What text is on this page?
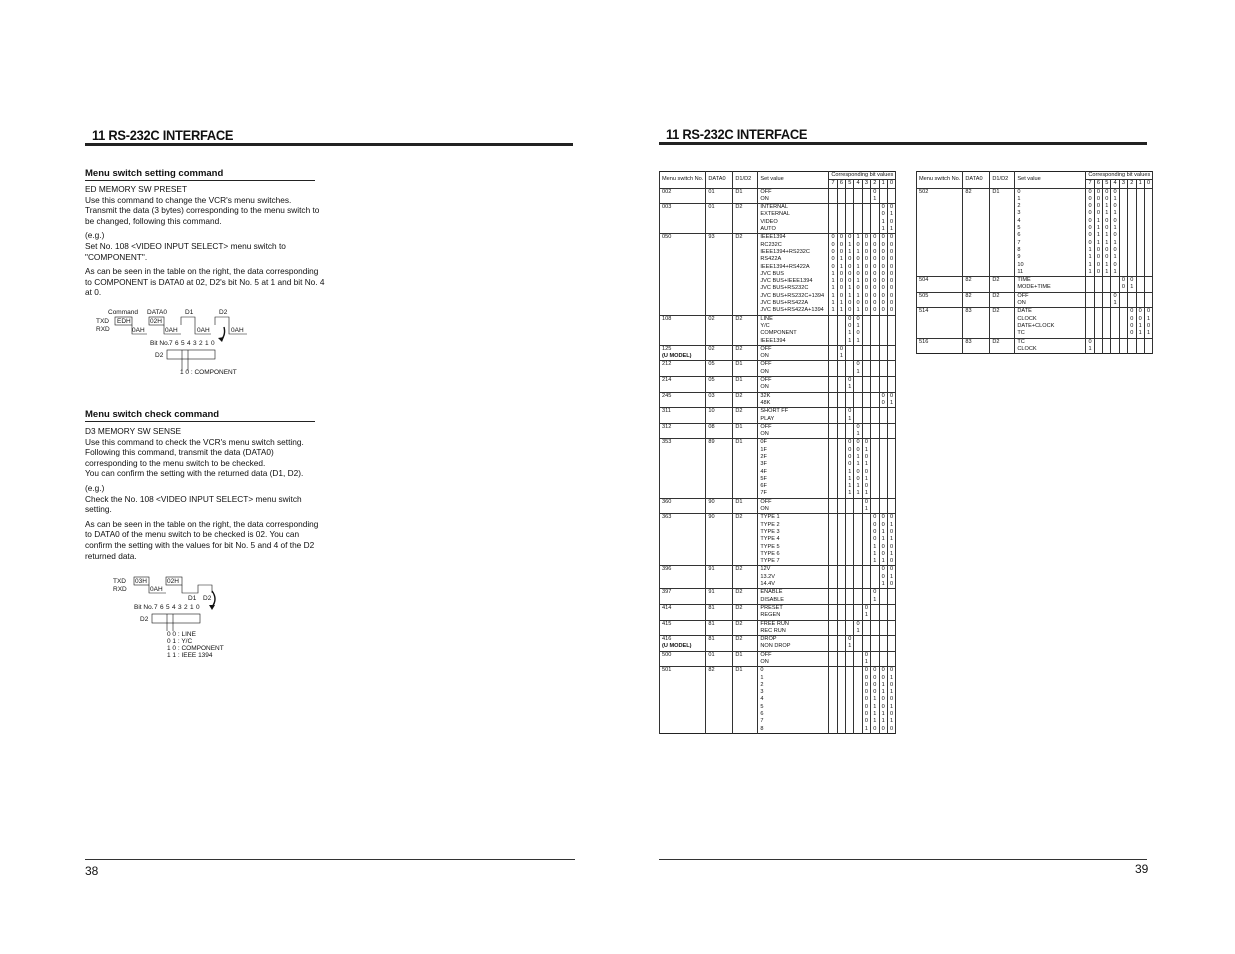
11 RS-232C INTERFACE
Menu switch setting command

ED MEMORY SW PRESET

Use this command to change the VCR's menu switches. Transmit the data (3 bytes) corresponding to the menu switch to be changed, following this command.

(e.g.)

Set No. 108 <VIDEO INPUT SELECT> menu switch to "COMPONENT".

As can be seen in the table on the right, the data corresponding to COMPONENT is DATA0 at 02, D2's bit No. 5 at 1 and bit No. 4 at 0.

Command DATA0	D1	D2
TXD
RXD
EDH	02H
0AH	0AH	0AH	0AH
Bit No. 7 6 5 4 3 2 1 0
D2
1 0 : COMPONENT
Menu switch check command

D3 MEMORY SW SENSE

Use this command to check the VCR's menu switch setting. Following this command, transmit the data (DATA0) corresponding to the menu switch to be checked.

You can confirm the setting with the returned data (D1, D2).

(e.g.)

Check the No. 108 <VIDEO INPUT SELECT> menu switch setting.

As can be seen in the table on the right, the data corresponding to DATA0 of the menu switch to be checked is 02. You can confirm the setting with the values for bit No. 5 and 4 of the D2 returned data.

TXD
RXD
03H	02H
0AH
D1 D2
Bit No. 7 6 5 4 3 2 1 0
D2
0 0 : LINE
0 1 : Y/C
1 0 : COMPONENT
1 1 : IEEE 1394
38
11 RS-232C INTERFACE
Menu switch No.	DATA0	D1/D2	Set value	Corresponding bit values							
				7	6	5	4	3	2	1	0

002	01	D1	OFF						0		
			ON						1		

003	01	D2	INTERNAL							0	0
			EXTERNAL							0	1
			VIDEO							1	0
			AUTO							1	1

050	93	D2	IEEE1394	0	0	0	1	0	0	0	0
			RC232C	0	0	1	0	0	0	0	0
			IEEE1394+RS232C	0	0	1	1	0	0	0	0
			RS422A	0	1	0	0	0	0	0	0
			IEEE1394+RS422A	0	1	0	1	0	0	0	0
			JVC BUS	1	0	0	0	0	0	0	0
			JVC BUS+IEEE1394	1	0	0	1	0	0	0	0
			JVC BUS+RS232C	1	0	1	0	0	0	0	0
			JVC BUS+RS232C+1394	1	0	1	1	0	0	0	0
			JVC BUS+RS422A	1	1	0	0	0	0	0	0
			JVC BUS+RS422A+1394	1	1	0	1	0	0	0	0

108	02	D2	LINE			0	0				
			Y/C			0	1				
			COMPONENT			1	0				
			IEEE1394			1	1				

125
(U MODEL)	02	D2	OFF		0						
			ON		1						

212	05	D1	OFF				0				
			ON				1				

214	05	D1	OFF			0					
			ON			1					

245	03	D2	32K							0	0
			48K							0	1

311	10	D2	SHORT FF			0					
			PLAY			1					

312	08	D1	OFF				0				
			ON				1				

353	89	D1	0F			0	0	0			
			1F			0	0	1			
			2F			0	1	0			
			3F			0	1	1			
			4F			1	0	0			
			5F			1	0	1			
			6F			1	1	0			
			7F			1	1	1			

360	90	D1	OFF					0			
			ON					1			

363	90	D2	TYPE 1						0	0	0
			TYPE 2						0	0	1
			TYPE 3						0	1	0
			TYPE 4						0	1	1
			TYPE 5						1	0	0
			TYPE 6						1	0	1
			TYPE 7						1	1	0

396	91	D2	12V							0	0
			13.2V							0	1
			14.4V							1	0

397	91	D2	ENABLE						0		
			DISABLE						1		

414	81	D2	PRESET					0			
			REGEN					1			

415	81	D2	FREE RUN				0				
			REC RUN				1				

416
(U MODEL)	81	D2	DROP			0					
			NON DROP			1					

500	01	D1	OFF					0			
			ON					1			

501	82	D1	0					0	0	0	0
			1					0	0	0	1
			2					0	0	1	0
			3					0	0	1	1
			4					0	1	0	0
			5					0	1	0	1
			6					0	1	1	0
			7					0	1	1	1
			8					1	0	0	0
Menu switch No.	DATA0	D1/D2	Set value	Corresponding bit values							
				7	6	5	4	3	2	1	0

502	82	D1	0	0	0	0	0				
			1	0	0	0	1				
			2	0	0	1	0				
			3	0	0	1	1				
			4	0	1	0	0				
			5	0	1	0	1				
			6	0	1	1	0				
			7	0	1	1	1				
			8	1	0	0	0				
			9	1	0	0	1				
			10	1	0	1	0				
			11	1	0	1	1				

504	82	D2	TIME					0	0		
			MODE+TIME					0	1		

505	82	D2	OFF				0				
			ON				1				

514	83	D2	DATE						0	0	0
			CLOCK						0	0	1
			DATE+CLOCK						0	1	0
			TC						0	1	1

516	83	D2	TC	0							
			CLOCK	1							
39
